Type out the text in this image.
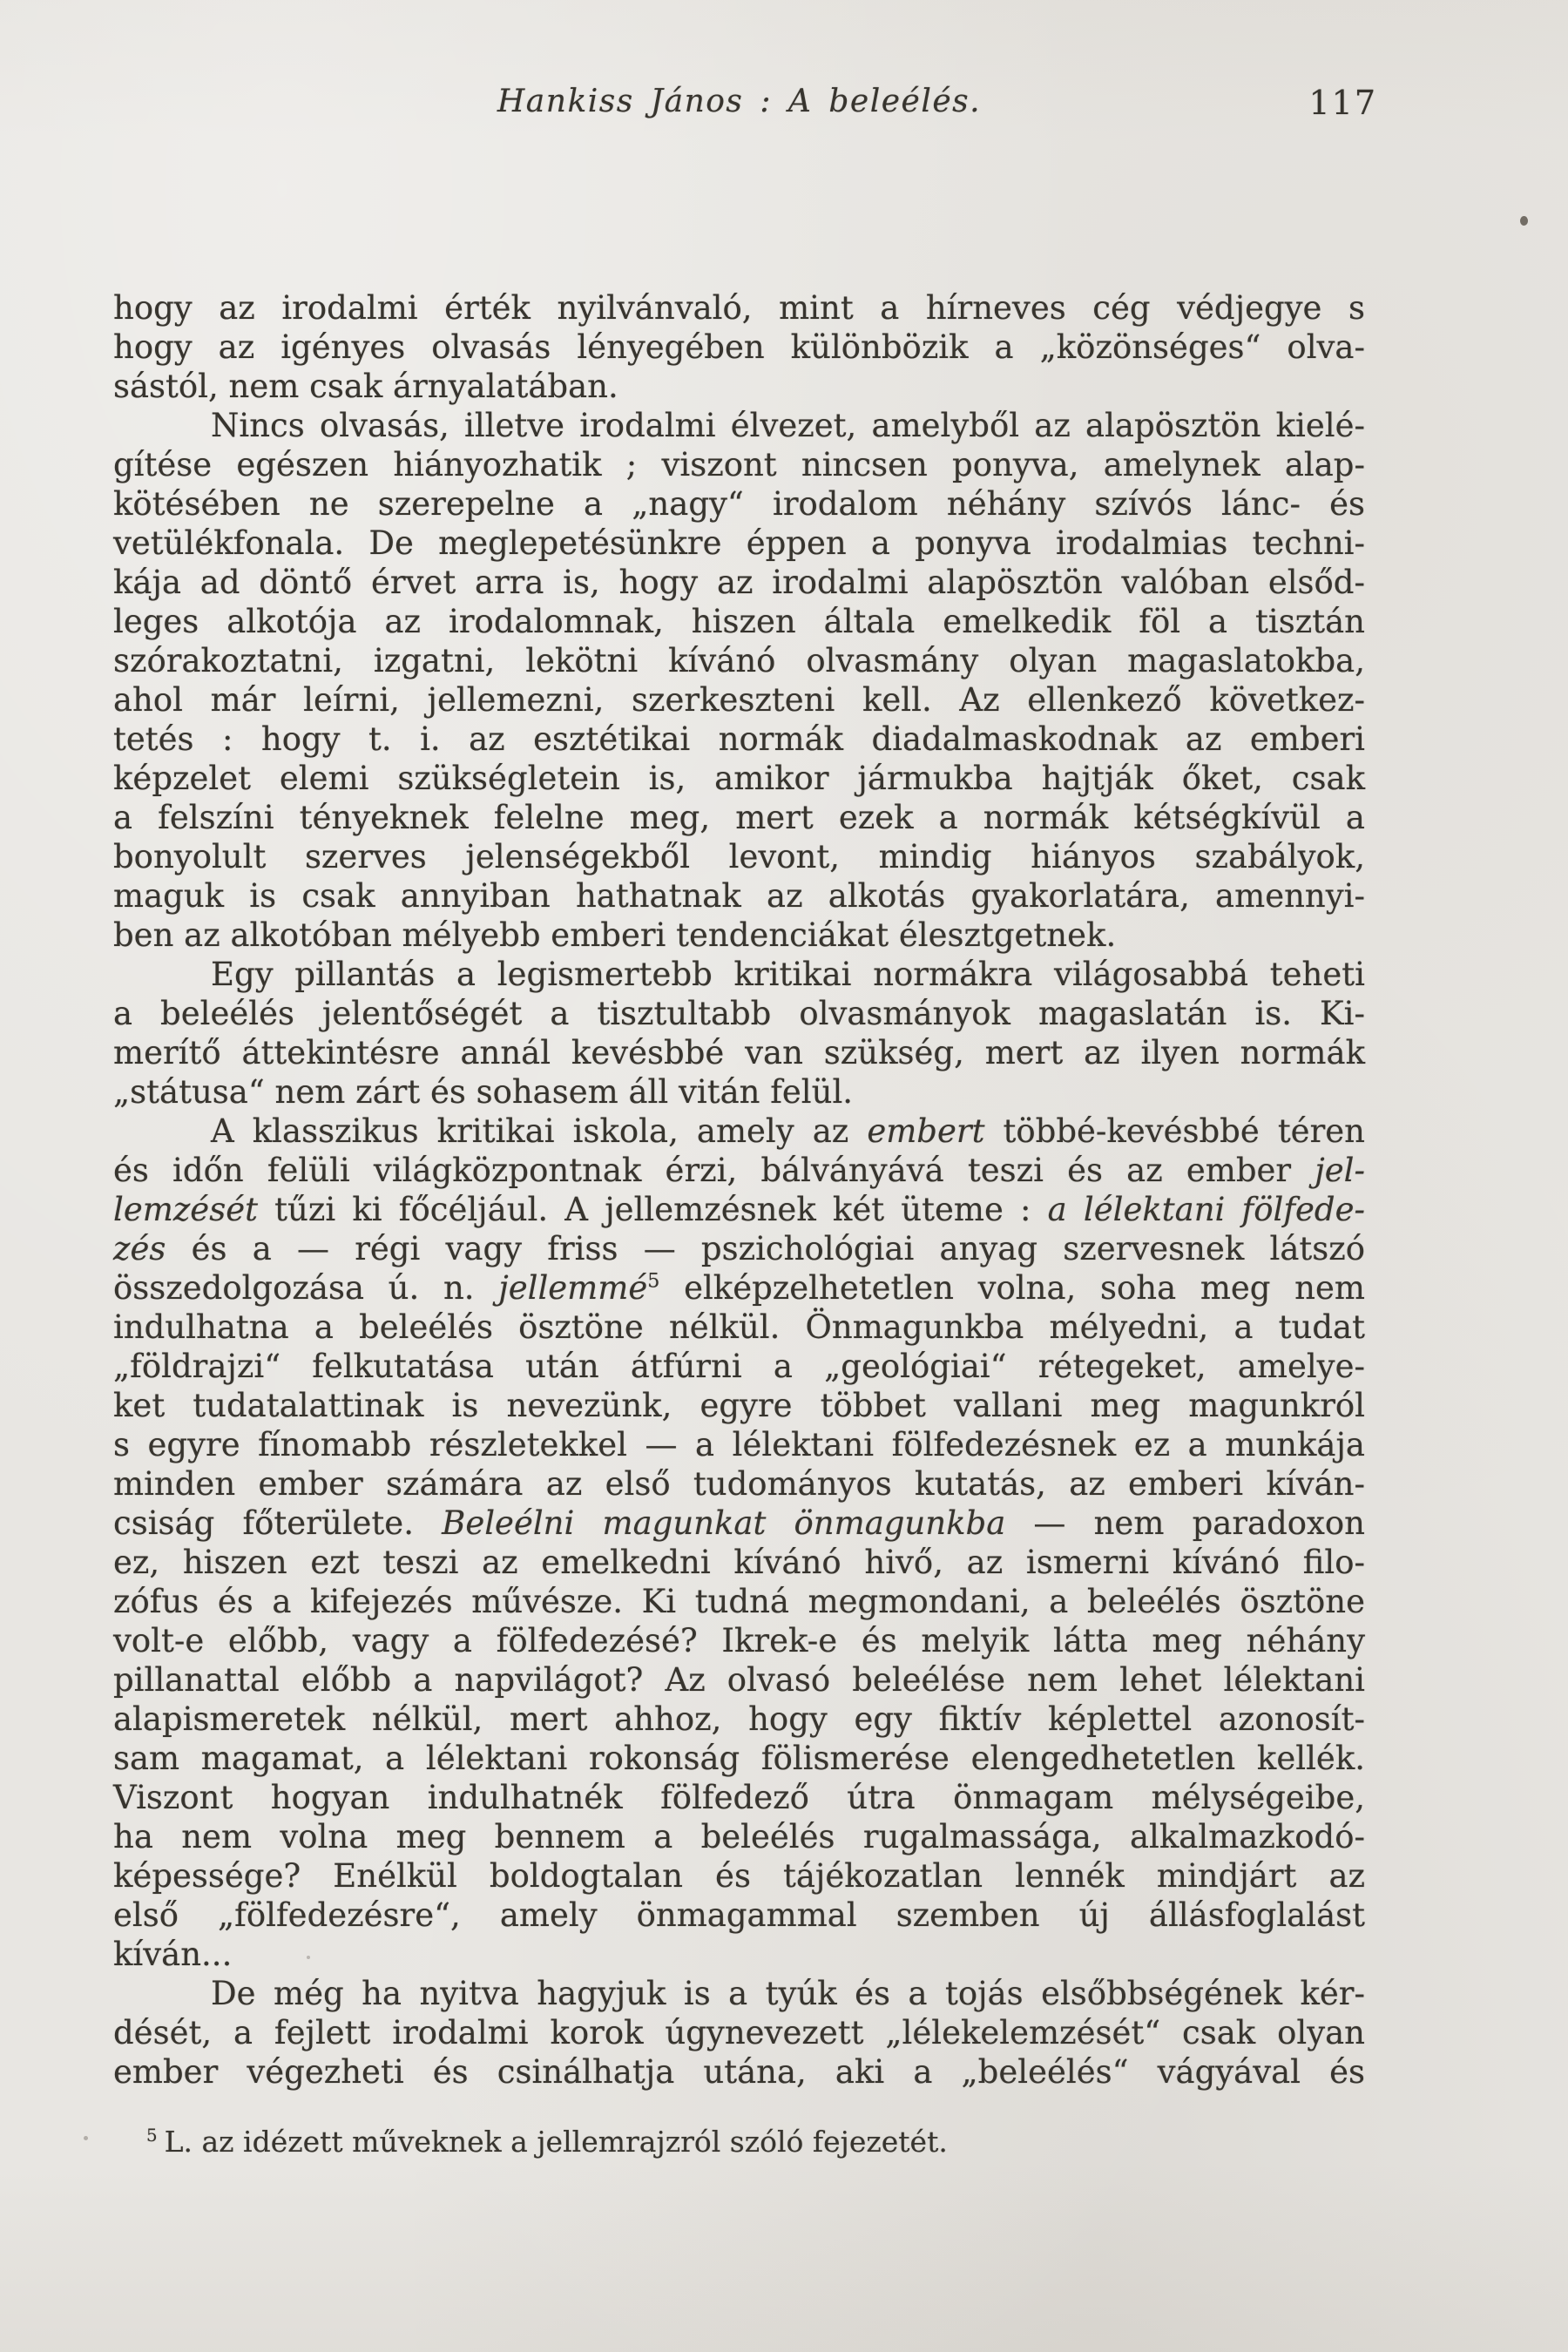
Hankiss János : A beleélés.	117
hogy az irodalmi érték nyilvánvaló, mint a hírneves cég védjegye s
hogy az igényes olvasás lényegében különbözik a „közönséges“ olva-
sástól, nem csak árnyalatában.
Nincs olvasás, illetve irodalmi élvezet, amelyből az alapösztön kielé-
gítése egészen hiányozhatik ; viszont nincsen ponyva, amelynek alap-
kötésében ne szerepelne a „nagy“ irodalom néhány szívós lánc- és
vetülékfonala. De meglepetésünkre éppen a ponyva irodalmias techni-
kája ad döntő érvet arra is, hogy az irodalmi alapösztön valóban elsőd-
leges alkotója az irodalomnak, hiszen általa emelkedik föl a tisztán
szórakoztatni, izgatni, lekötni kívánó olvasmány olyan magaslatokba,
ahol már leírni, jellemezni, szerkeszteni kell. Az ellenkező következ-
tetés : hogy t. i. az esztétikai normák diadalmaskodnak az emberi
képzelet elemi szükségletein is, amikor jármukba hajtják őket, csak
a felszíni tényeknek felelne meg, mert ezek a normák kétségkívül a
bonyolult szerves jelenségekből levont, mindig hiányos szabályok,
maguk is csak annyiban hathatnak az alkotás gyakorlatára, amennyi-
ben az alkotóban mélyebb emberi tendenciákat élesztgetnek.
Egy pillantás a legismertebb kritikai normákra világosabbá teheti
a beleélés jelentőségét a tisztultabb olvasmányok magaslatán is. Ki-
merítő áttekintésre annál kevésbbé van szükség, mert az ilyen normák
„státusa“ nem zárt és sohasem áll vitán felül.
A klasszikus kritikai iskola, amely az embert többé-kevésbbé téren
és időn felüli világközpontnak érzi, bálványává teszi és az ember jel-
lemzését tűzi ki főcéljául. A jellemzésnek két üteme : a lélektani fölfede-
zés és a — régi vagy friss — pszichológiai anyag szervesnek látszó
összedolgozása ú. n. jellemmé$^5$ elképzelhetetlen volna, soha meg nem
indulhatna a beleélés ösztöne nélkül. Önmagunkba mélyedni, a tudat
„földrajzi“ felkutatása után átfúrni a „geológiai“ rétegeket, amelye-
ket tudatalattinak is nevezünk, egyre többet vallani meg magunkról
s egyre fínomabb részletekkel — a lélektani fölfedezésnek ez a munkája
minden ember számára az első tudományos kutatás, az emberi kíván-
csiság főterülete. Beleélni magunkat önmagunkba — nem paradoxon
ez, hiszen ezt teszi az emelkedni kívánó hivő, az ismerni kívánó filo-
zófus és a kifejezés művésze. Ki tudná megmondani, a beleélés ösztöne
volt-e előbb, vagy a fölfedezésé? Ikrek-e és melyik látta meg néhány
pillanattal előbb a napvilágot? Az olvasó beleélése nem lehet lélektani
alapismeretek nélkül, mert ahhoz, hogy egy fiktív képlettel azonosít-
sam magamat, a lélektani rokonság fölismerése elengedhetetlen kellék.
Viszont hogyan indulhatnék fölfedező útra önmagam mélységeibe,
ha nem volna meg bennem a beleélés rugalmassága, alkalmazkodó-
képessége? Enélkül boldogtalan és tájékozatlan lennék mindjárt az
első „fölfedezésre“, amely önmagammal szemben új állásfoglalást
kíván...
De még ha nyitva hagyjuk is a tyúk és a tojás elsőbbségének kér-
dését, a fejlett irodalmi korok úgynevezett „lélekelemzését“ csak olyan
ember végezheti és csinálhatja utána, aki a „beleélés“ vágyával és
$^5$ L. az idézett műveknek a jellemrajzról szóló fejezetét.
